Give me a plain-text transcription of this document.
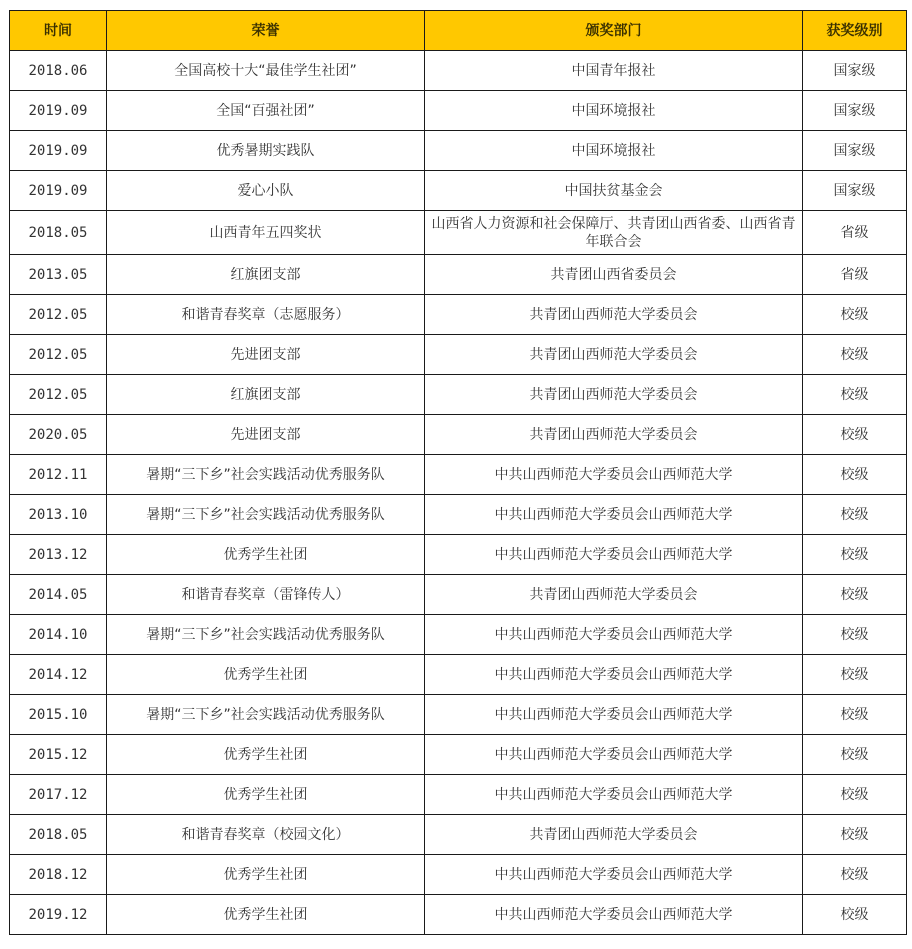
时间	荣誉	颁奖部门	获奖级别
2018.06	全国高校十大“最佳学生社团”	中国青年报社	国家级
2019.09	全国“百强社团”	中国环境报社	国家级
2019.09	优秀暑期实践队	中国环境报社	国家级
2019.09	爱心小队	中国扶贫基金会	国家级
2018.05	山西青年五四奖状	山西省人力资源和社会保障厅、共青团山西省委、山西省青年联合会	省级
2013.05	红旗团支部	共青团山西省委员会	省级
2012.05	和谐青春奖章（志愿服务）	共青团山西师范大学委员会	校级
2012.05	先进团支部	共青团山西师范大学委员会	校级
2012.05	红旗团支部	共青团山西师范大学委员会	校级
2020.05	先进团支部	共青团山西师范大学委员会	校级
2012.11	暑期“三下乡”社会实践活动优秀服务队	中共山西师范大学委员会山西师范大学	校级
2013.10	暑期“三下乡”社会实践活动优秀服务队	中共山西师范大学委员会山西师范大学	校级
2013.12	优秀学生社团	中共山西师范大学委员会山西师范大学	校级
2014.05	和谐青春奖章（雷锋传人）	共青团山西师范大学委员会	校级
2014.10	暑期“三下乡”社会实践活动优秀服务队	中共山西师范大学委员会山西师范大学	校级
2014.12	优秀学生社团	中共山西师范大学委员会山西师范大学	校级
2015.10	暑期“三下乡”社会实践活动优秀服务队	中共山西师范大学委员会山西师范大学	校级
2015.12	优秀学生社团	中共山西师范大学委员会山西师范大学	校级
2017.12	优秀学生社团	中共山西师范大学委员会山西师范大学	校级
2018.05	和谐青春奖章（校园文化）	共青团山西师范大学委员会	校级
2018.12	优秀学生社团	中共山西师范大学委员会山西师范大学	校级
2019.12	优秀学生社团	中共山西师范大学委员会山西师范大学	校级
